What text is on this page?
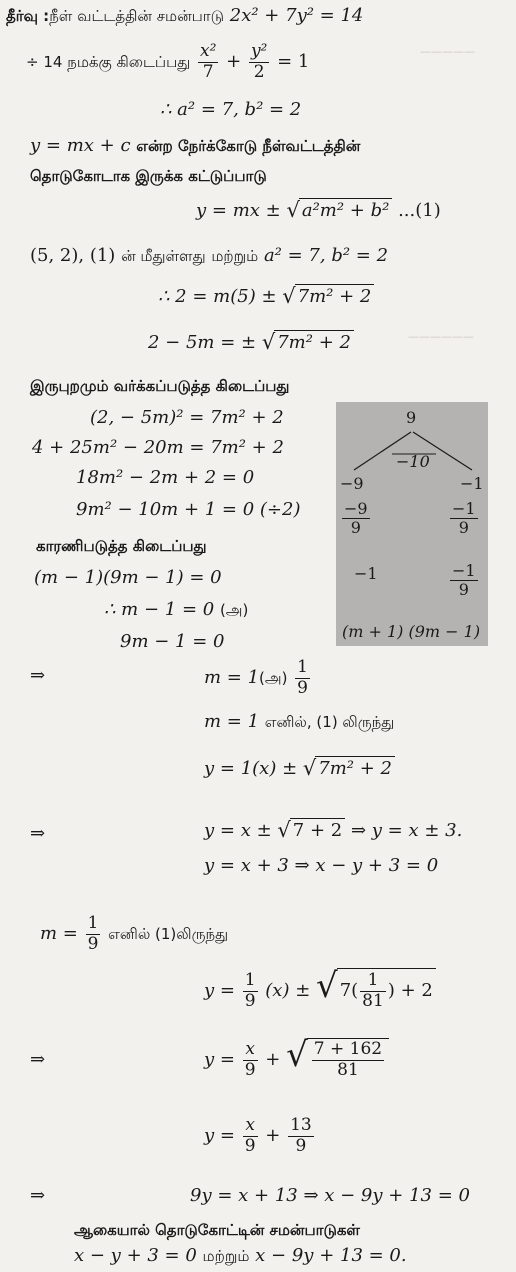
—————
——————
தீர்வு :நீள் வட்டத்தின் சமன்பாடு 2x² + 7y² = 14
÷ 14 நமக்கு கிடைப்பது $\frac{\text{x²}}{7} + \frac{\text{y²}}{2} = 1$
∴ a² = 7, b² = 2
y = mx + c என்ற நேர்க்கோடு நீள்வட்டத்தின்
தொடுகோடாக இருக்க கட்டுப்பாடு
y = mx ± √ a²m² + b² ...(1)
(5, 2), (1) ன் மீதுள்ளது மற்றும் a² = 7, b² = 2
∴ 2 = m(5) ± √ 7m² + 2
2 − 5m = ± √ 7m² + 2
இருபுறமும் வர்க்கப்படுத்த கிடைப்பது
(2, − 5m)² = 7m² + 2
4 + 25m² − 20m = 7m² + 2
18m² − 2m + 2 = 0
9m² − 10m + 1 = 0 (÷2)
காரணிபடுத்த கிடைப்பது
(m − 1)(9m − 1) = 0
∴ m − 1 = 0 (அ)
9m − 1 = 0
⇒	m = 1(அ) $\frac{1}{9}$
m = 1 எனில், (1) லிருந்து
y = 1(x) ± √ 7m² + 2
⇒	y = x ± √ 7 + 2 ⇒ y = x ± 3.
y = x + 3 ⇒ x − y + 3 = 0
$m = \frac{1}{9}$ எனில் (1)லிருந்து
$y = \frac{1}{9} (x)$ ± √ $7( \frac{1}{81}$ ) + 2
⇒	$y = \frac{x}{9}$ + √ $\frac{7 + 162}{81}$
$y = \frac{x}{9} + \frac{13}{9}$
⇒	9y = x + 13 ⇒ x − 9y + 13 = 0
ஆகையால் தொடுகோட்டின் சமன்பாடுகள்
x − y + 3 = 0 மற்றும் x − 9y + 13 = 0.
9
−10
−9	−1
$\frac{-9}{9}$	$\frac{-1}{9}$
−1	$\frac{-1}{9}$
(m + 1) (9m − 1)
